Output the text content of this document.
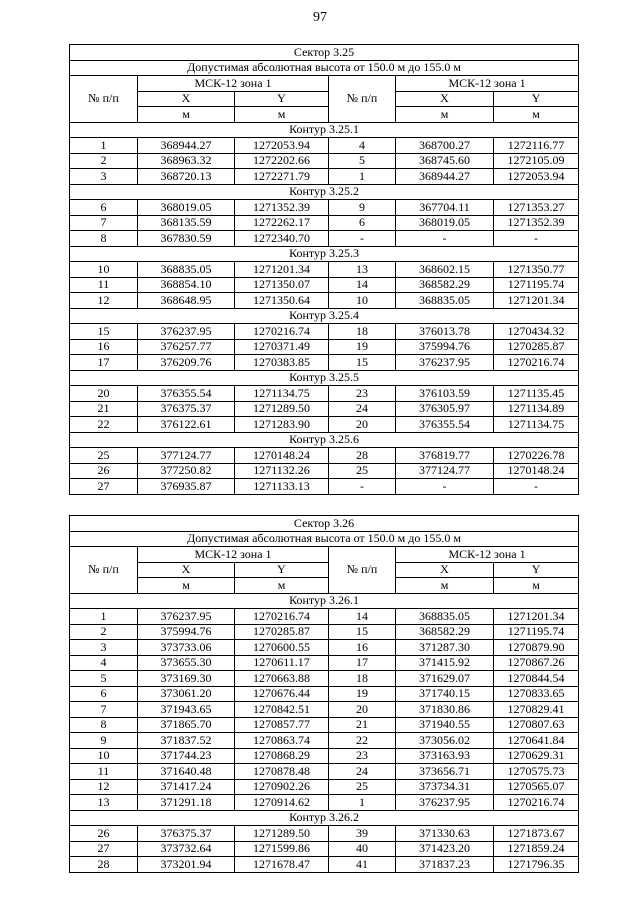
97
Сектор 3.25					
Допустимая абсолютная высота от 150.0 м до 155.0 м					
№ п/п	МСК-12 зона 1		№ п/п	МСК-12 зона 1	
	X	Y		X	Y
	м	м		м	м
Контур 3.25.1					
1	368944.27	1272053.94	4	368700.27	1272116.77
2	368963.32	1272202.66	5	368745.60	1272105.09
3	368720.13	1272271.79	1	368944.27	1272053.94
Контур 3.25.2					
6	368019.05	1271352.39	9	367704.11	1271353.27
7	368135.59	1272262.17	6	368019.05	1271352.39
8	367830.59	1272340.70	-	-	-
Контур 3.25.3					
10	368835.05	1271201.34	13	368602.15	1271350.77
11	368854.10	1271350.07	14	368582.29	1271195.74
12	368648.95	1271350.64	10	368835.05	1271201.34
Контур 3.25.4					
15	376237.95	1270216.74	18	376013.78	1270434.32
16	376257.77	1270371.49	19	375994.76	1270285.87
17	376209.76	1270383.85	15	376237.95	1270216.74
Контур 3.25.5					
20	376355.54	1271134.75	23	376103.59	1271135.45
21	376375.37	1271289.50	24	376305.97	1271134.89
22	376122.61	1271283.90	20	376355.54	1271134.75
Контур 3.25.6					
25	377124.77	1270148.24	28	376819.77	1270226.78
26	377250.82	1271132.26	25	377124.77	1270148.24
27	376935.87	1271133.13	-	-	-
Сектор 3.26					
Допустимая абсолютная высота от 150.0 м до 155.0 м					
№ п/п	МСК-12 зона 1		№ п/п	МСК-12 зона 1	
	X	Y		X	Y
	м	м		м	м
Контур 3.26.1					
1	376237.95	1270216.74	14	368835.05	1271201.34
2	375994.76	1270285.87	15	368582.29	1271195.74
3	373733.06	1270600.55	16	371287.30	1270879.90
4	373655.30	1270611.17	17	371415.92	1270867.26
5	373169.30	1270663.88	18	371629.07	1270844.54
6	373061.20	1270676.44	19	371740.15	1270833.65
7	371943.65	1270842.51	20	371830.86	1270829.41
8	371865.70	1270857.77	21	371940.55	1270807.63
9	371837.52	1270863.74	22	373056.02	1270641.84
10	371744.23	1270868.29	23	373163.93	1270629.31
11	371640.48	1270878.48	24	373656.71	1270575.73
12	371417.24	1270902.26	25	373734.31	1270565.07
13	371291.18	1270914.62	1	376237.95	1270216.74
Контур 3.26.2					
26	376375.37	1271289.50	39	371330.63	1271873.67
27	373732.64	1271599.86	40	371423.20	1271859.24
28	373201.94	1271678.47	41	371837.23	1271796.35
